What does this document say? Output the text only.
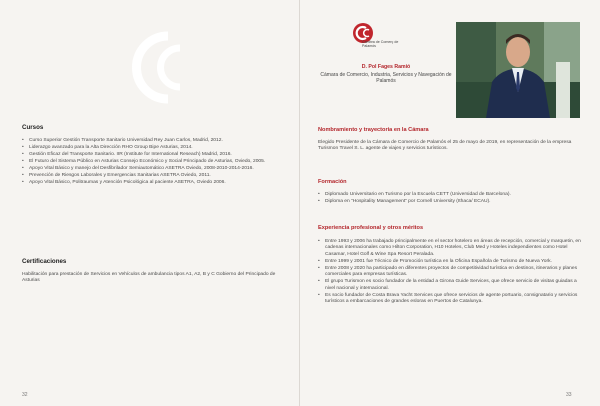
Cursos
• Curso Superior Gestión Transporte Sanitario Universidad Rey Juan Carlos, Madrid, 2012.
• Liderazgo avanzado para la Alta Dirección RHO Group Bipe Asturias, 2014.
• Gestión Eficaz del Transporte Sanitario. IIR (Institute for International Reseach) Madrid, 2016.
• El Futuro del Sistema Público en Asturias Consejo Económico y Social Principado de Asturias, Oviedo, 2005.
• Apoyo Vital Básico y manejo del Desfibrilador Semiautomático ASETRA Oviedo, 2008-2010-2014-2016.
• Prevención de Riesgos Laborales y Emergencias Sanitarias ASETRA Oviedo, 2011.
• Apoyo Vital Básico, Politraumas y Atención Psicológica al paciente ASETRA, Oviedo 2006.
Certificaciones
Habilitación para prestación de Servicios en Vehículos de ambulancia tipos A1, A2, B y C Gobierno del Principado de Asturias
32
Cambra de Comerç de Palamós
D. Pol Fages Ramió
Cámara de Comercio, Industria, Servicios y Navegación de Palamós
Nombramiento y trayectoria en la Cámara
Elegido Presidente de la Cámara de Comercio de Palamós el 25 de mayo de 2019, en representación de la empresa Turismon Travel S. L. agente de viajes y servicios turísticos.
Formación
• Diplomado Universitario en Turismo por la Escuela CETT (Universidad de Barcelona).
• Diploma en “Hospitality Management” por Cornell University (Ithaca/ ECAU).
Experiencia profesional y otros méritos
• Entre 1993 y 2006 ha trabajado principalmente en el sector hotelero en áreas de recepción, comercial y marquetin, en cadenas internacionales como Hilton Corporation, H10 Hoteles, Club Med y Hoteles independientes como Hotel Casamar, Hotel Golf & Wine Spa Resort Peralada.
• Entre 1999 y 2001 fue Técnico de Promoción turística en la Oficina Española de Turismo de Nueva York.
• Entre 2008 y 2020 ha participado en diferentes proyectos de competitividad turística en destinos, itinerarios y planes comerciales para empresas turísticas.
• El grupo Turismon es socio fundador de la entidad a Girona Guide Services, que ofrece servicio de visitas guiadas a nivel nacional y internacional.
• Es socio fundador de Costa Brava Yacht Services que ofrece servicios de agente portuario, consignatario y servicios turísticos a embarcaciones de grandes esloras en Puertos de Catalunya.
33
